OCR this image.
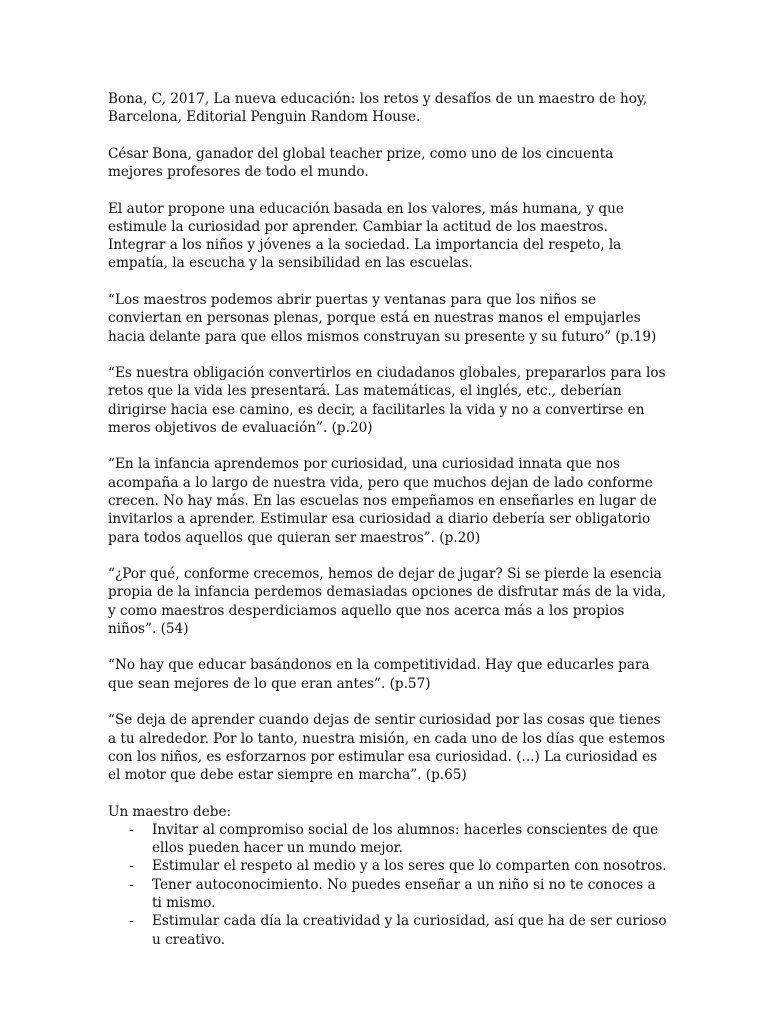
Bona, C, 2017, La nueva educación: los retos y desafíos de un maestro de hoy, Barcelona, Editorial Penguin Random House.

César Bona, ganador del global teacher prize, como uno de los cincuenta mejores profesores de todo el mundo.

El autor propone una educación basada en los valores, más humana, y que estimule la curiosidad por aprender. Cambiar la actitud de los maestros. Integrar a los niños y jóvenes a la sociedad. La importancia del respeto, la empatía, la escucha y la sensibilidad en las escuelas.

“Los maestros podemos abrir puertas y ventanas para que los niños se conviertan en personas plenas, porque está en nuestras manos el empujarles hacia delante para que ellos mismos construyan su presente y su futuro” (p.19)

“Es nuestra obligación convertirlos en ciudadanos globales, prepararlos para los retos que la vida les presentará. Las matemáticas, el inglés, etc., deberían dirigirse hacia ese camino, es decir, a facilitarles la vida y no a convertirse en meros objetivos de evaluación”. (p.20)

“En la infancia aprendemos por curiosidad, una curiosidad innata que nos acompaña a lo largo de nuestra vida, pero que muchos dejan de lado conforme crecen. No hay más. En las escuelas nos empeñamos en enseñarles en lugar de invitarlos a aprender. Estimular esa curiosidad a diario debería ser obligatorio para todos aquellos que quieran ser maestros”. (p.20)

“¿Por qué, conforme crecemos, hemos de dejar de jugar? Si se pierde la esencia propia de la infancia perdemos demasiadas opciones de disfrutar más de la vida, y como maestros desperdiciamos aquello que nos acerca más a los propios niños”. (54)

“No hay que educar basándonos en la competitividad. Hay que educarles para que sean mejores de lo que eran antes”. (p.57)

“Se deja de aprender cuando dejas de sentir curiosidad por las cosas que tienes a tu alrededor. Por lo tanto, nuestra misión, en cada uno de los días que estemos con los niños, es esforzarnos por estimular esa curiosidad. (...) La curiosidad es el motor que debe estar siempre en marcha”. (p.65)

Un maestro debe:

- Invitar al compromiso social de los alumnos: hacerles conscientes de que ellos pueden hacer un mundo mejor.
- Estimular el respeto al medio y a los seres que lo comparten con nosotros.
- Tener autoconocimiento. No puedes enseñar a un niño si no te conoces a ti mismo.
- Estimular cada día la creatividad y la curiosidad, así que ha de ser curioso u creativo.
